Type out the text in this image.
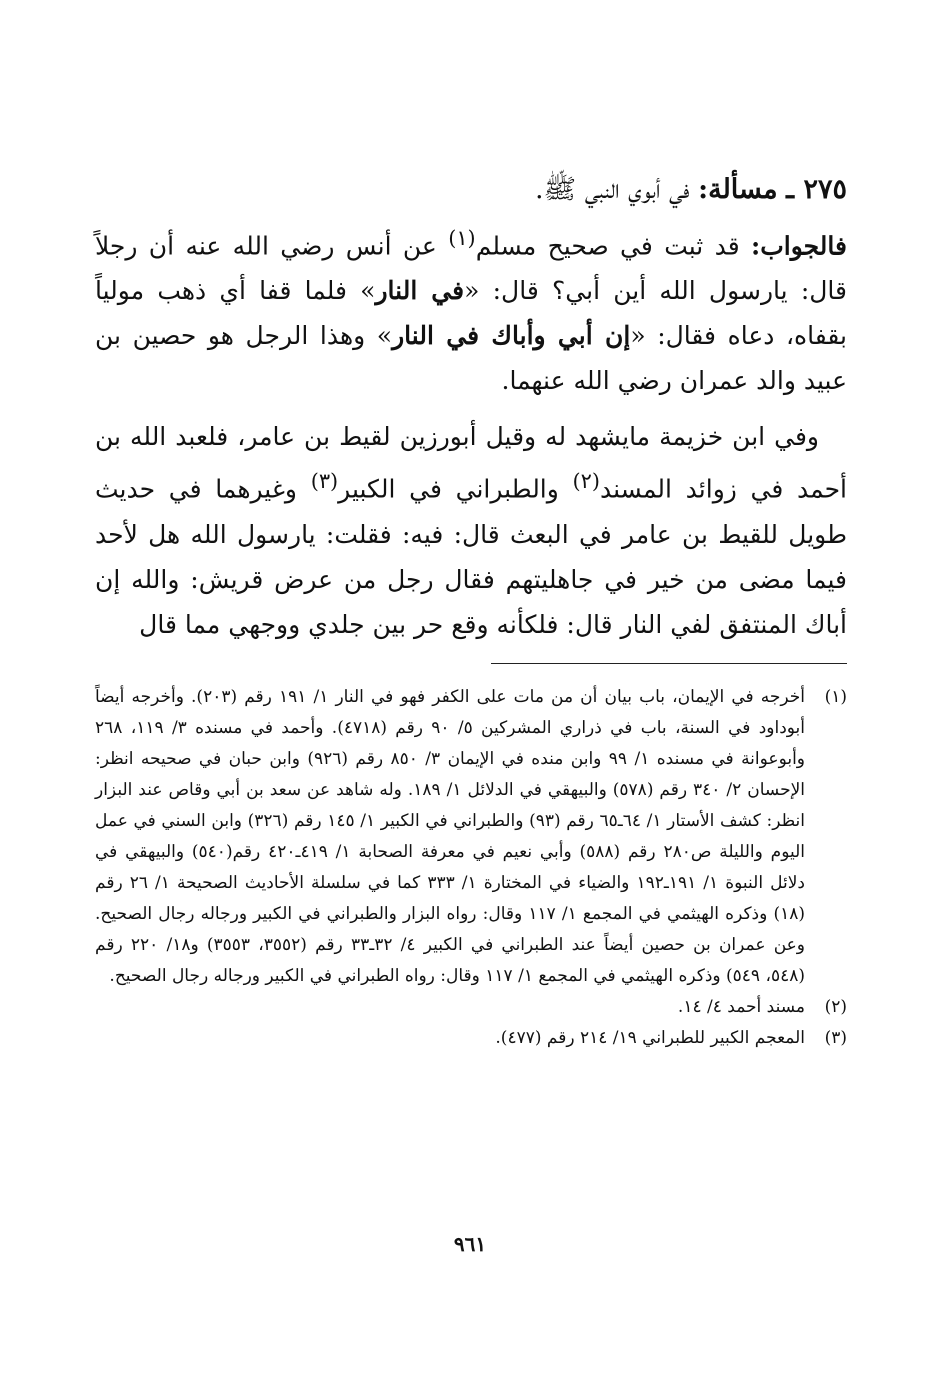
٢٧٥ ـ مسألة: في أبوي النبي ﷺ.

فالجواب: قد ثبت في صحيح مسلم$^{(١)}$ عن أنس رضي الله عنه أن رجلاً قال: يارسول الله أين أبي؟ قال: «في النار» فلما قفا أي ذهب مولياً بقفاه، دعاه فقال: «إن أبي وأباك في النار» وهذا الرجل هو حصين بن عبيد والد عمران رضي الله عنهما.

وفي ابن خزيمة مايشهد له وقيل أبورزين لقيط بن عامر، فلعبد الله بن أحمد في زوائد المسند$^{(٢)}$ والطبراني في الكبير$^{(٣)}$ وغيرهما في حديث طويل للقيط بن عامر في البعث قال: فيه: فقلت: يارسول الله هل لأحد فيما مضى من خير في جاهليتهم فقال رجل من عرض قريش: والله إن أباك المنتفق لفي النار قال: فلكأنه وقع حر بين جلدي ووجهي مما قال

(١)
أخرجه في الإيمان، باب بيان أن من مات على الكفر فهو في النار ١/ ١٩١ رقم (٢٠٣). وأخرجه أيضاً أبوداود في السنة، باب في ذراري المشركين ٥/ ٩٠ رقم (٤٧١٨). وأحمد في مسنده ٣/ ١١٩، ٢٦٨ وأبوعوانة في مسنده ١/ ٩٩ وابن منده في الإيمان ٣/ ٨٥٠ رقم (٩٢٦) وابن حبان في صحيحه انظر: الإحسان ٢/ ٣٤٠ رقم (٥٧٨) والبيهقي في الدلائل ١/ ١٨٩. وله شاهد عن سعد بن أبي وقاص عند البزار انظر: كشف الأستار ١/ ٦٤ـ٦٥ رقم (٩٣) والطبراني في الكبير ١/ ١٤٥ رقم (٣٢٦) وابن السني في عمل اليوم والليلة ص٢٨٠ رقم (٥٨٨) وأبي نعيم في معرفة الصحابة ١/ ٤١٩ـ٤٢٠ رقم(٥٤٠) والبيهقي في دلائل النبوة ١/ ١٩١ـ١٩٢ والضياء في المختارة ١/ ٣٣٣ كما في سلسلة الأحاديث الصحيحة ١/ ٢٦ رقم (١٨) وذكره الهيثمي في المجمع ١/ ١١٧ وقال: رواه البزار والطبراني في الكبير ورجاله رجال الصحيح. وعن عمران بن حصين أيضاً عند الطبراني في الكبير ٤/ ٣٢ـ٣٣ رقم (٣٥٥٢، ٣٥٥٣) و١٨/ ٢٢٠ رقم (٥٤٨، ٥٤٩) وذكره الهيثمي في المجمع ١/ ١١٧ وقال: رواه الطبراني في الكبير ورجاله رجال الصحيح.
(٢)
مسند أحمد ٤/ ١٤.
(٣)
المعجم الكبير للطبراني ١٩/ ٢١٤ رقم (٤٧٧).
٩٦١
